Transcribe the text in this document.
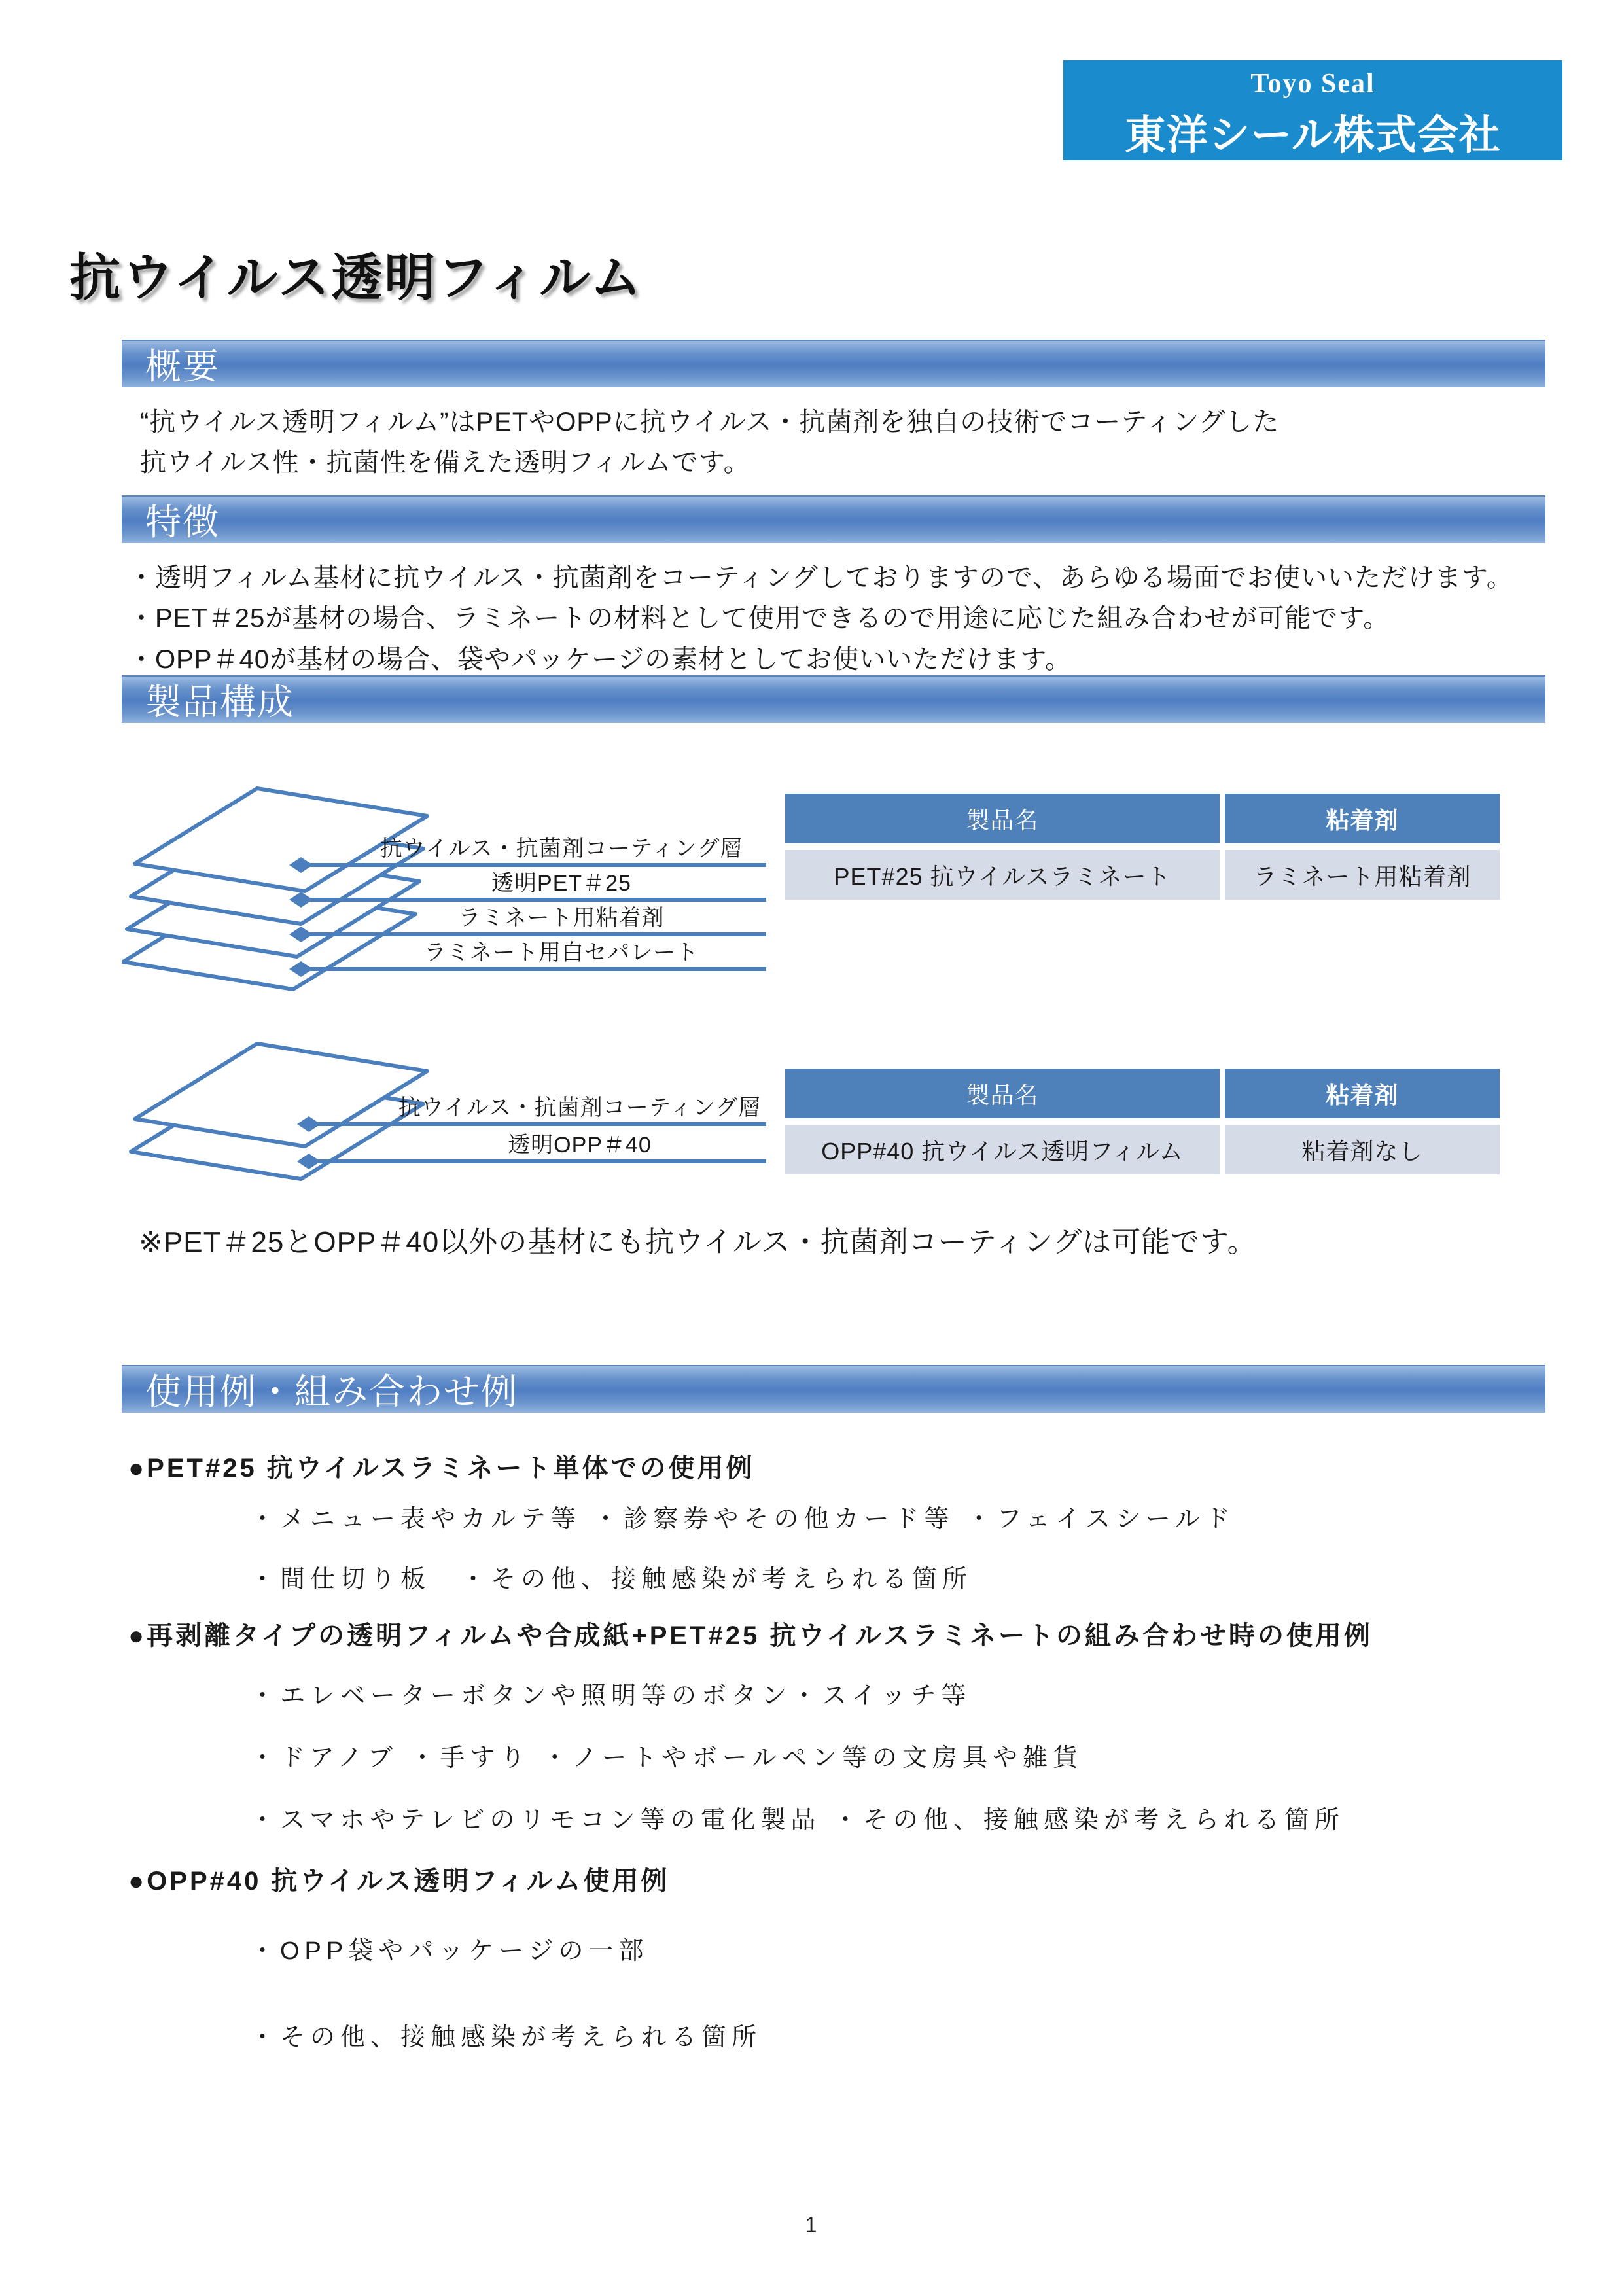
Toyo Seal
東洋シール株式会社
抗ウイルス透明フィルム
概要
“抗ウイルス透明フィルム”はPETやOPPに抗ウイルス・抗菌剤を独自の技術でコーティングした
抗ウイルス性・抗菌性を備えた透明フィルムです。
特徴
・透明フィルム基材に抗ウイルス・抗菌剤をコーティングしておりますので、あらゆる場面でお使いいただけます。
・PET＃25が基材の場合、ラミネートの材料として使用できるので用途に応じた組み合わせが可能です。
・OPP＃40が基材の場合、袋やパッケージの素材としてお使いいただけます。
製品構成
抗ウイルス・抗菌剤コーティング層
透明PET＃25
ラミネート用粘着剤
ラミネート用白セパレート
製品名	粘着剤
PET#25 抗ウイルスラミネート	ラミネート用粘着剤
抗ウイルス・抗菌剤コーティング層
透明OPP＃40
製品名	粘着剤
OPP#40 抗ウイルス透明フィルム	粘着剤なし
※PET＃25とOPP＃40以外の基材にも抗ウイルス・抗菌剤コーティングは可能です。
使用例・組み合わせ例
●PET#25 抗ウイルスラミネート単体での使用例
・メニュー表やカルテ等 ・診察券やその他カード等 ・フェイスシールド
・間仕切り板　・その他、接触感染が考えられる箇所
●再剥離タイプの透明フィルムや合成紙+PET#25 抗ウイルスラミネートの組み合わせ時の使用例
・エレベーターボタンや照明等のボタン・スイッチ等
・ドアノブ ・手すり ・ノートやボールペン等の文房具や雑貨
・スマホやテレビのリモコン等の電化製品 ・その他、接触感染が考えられる箇所
●OPP#40 抗ウイルス透明フィルム使用例
・OPP袋やパッケージの一部
・その他、接触感染が考えられる箇所
1
